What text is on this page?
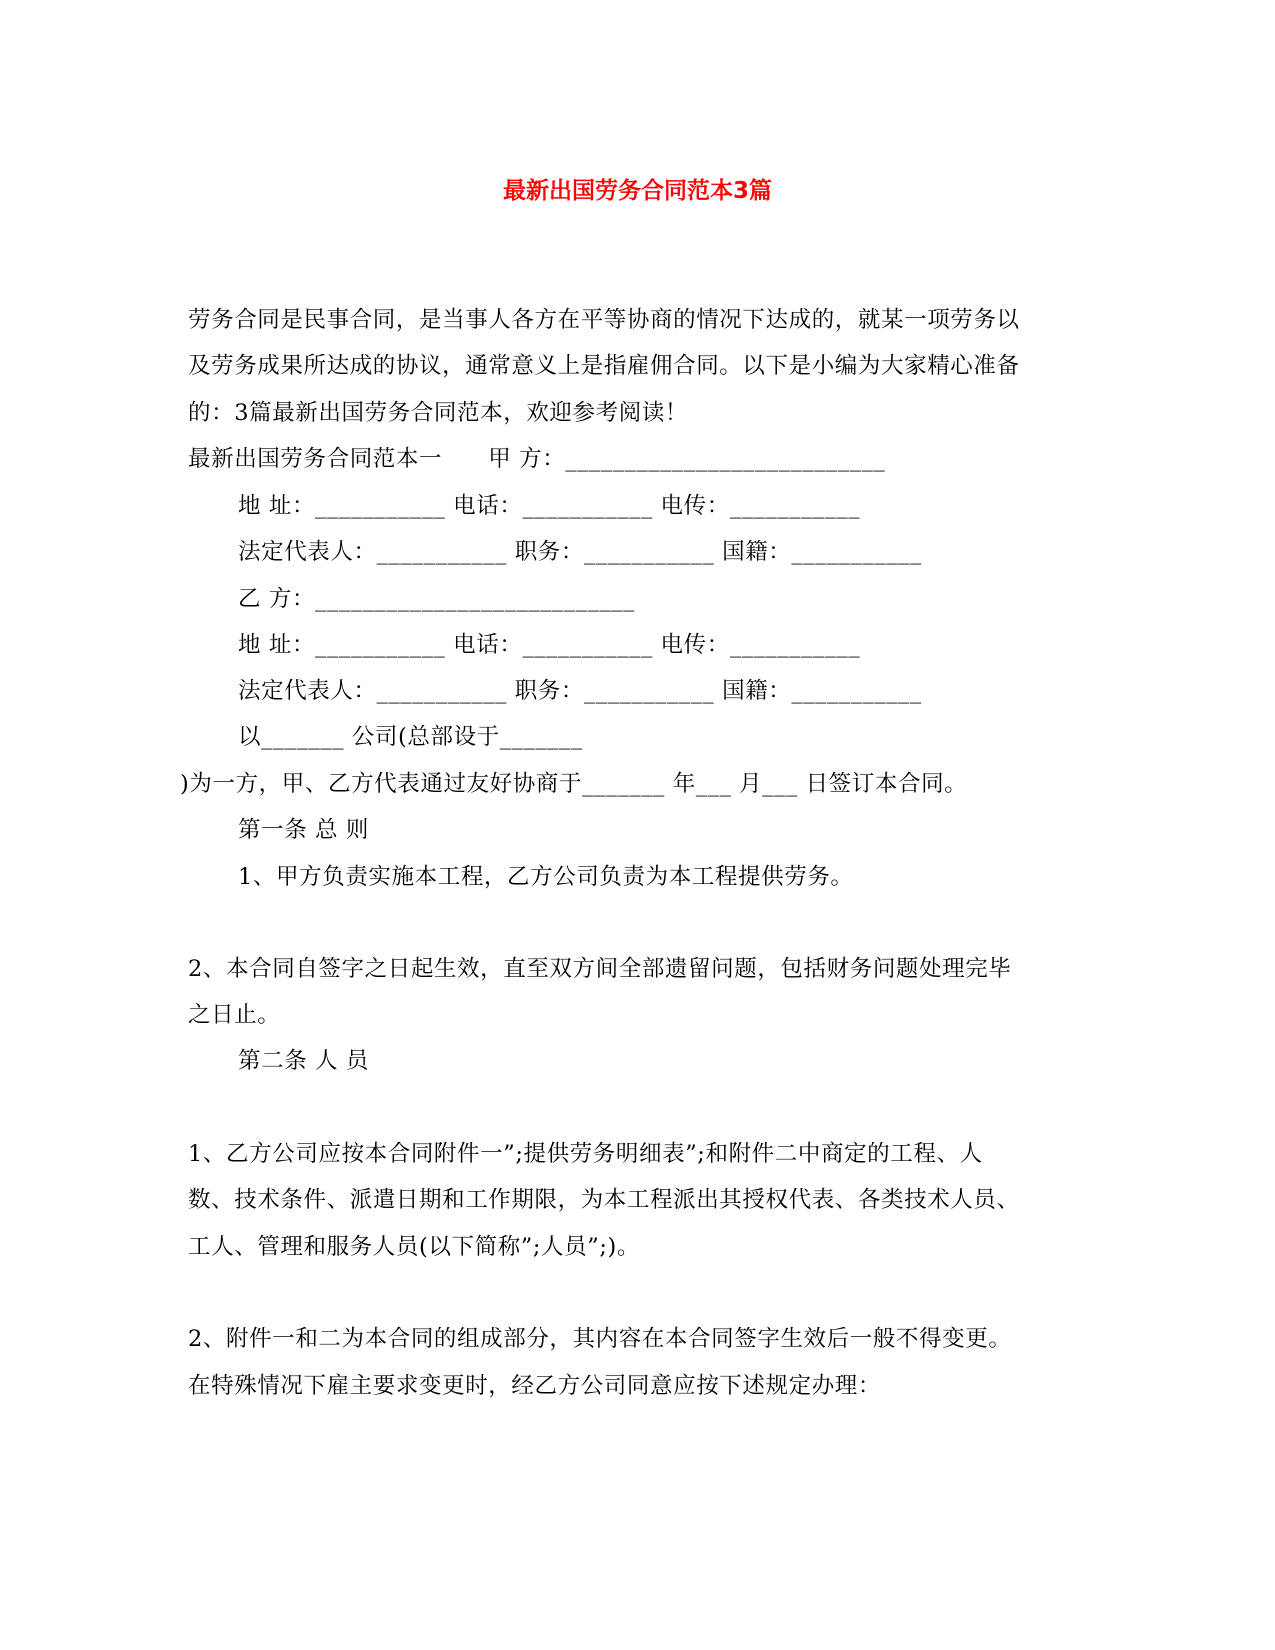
最新出国劳务合同范本3篇
劳务合同是民事合同，是当事人各方在平等协商的情况下达成的，就某一项劳务以
及劳务成果所达成的协议，通常意义上是指雇佣合同。以下是小编为大家精心准备
的：3篇最新出国劳务合同范本，欢迎参考阅读！
最新出国劳务合同范本一　　甲 方：___________________________
地 址：___________ 电话：___________ 电传：___________
法定代表人：___________ 职务：___________ 国籍：___________
乙 方：___________________________
地 址：___________ 电话：___________ 电传：___________
法定代表人：___________ 职务：___________ 国籍：___________
以_______ 公司(总部设于_______
)为一方，甲、乙方代表通过友好协商于_______ 年___ 月___ 日签订本合同。
第一条 总 则
1、甲方负责实施本工程，乙方公司负责为本工程提供劳务。
2、本合同自签字之日起生效，直至双方间全部遗留问题，包括财务问题处理完毕
之日止。
第二条 人 员
1、乙方公司应按本合同附件一”;提供劳务明细表”;和附件二中商定的工程、人
数、技术条件、派遣日期和工作期限，为本工程派出其授权代表、各类技术人员、
工人、管理和服务人员(以下简称”;人员”;)。
2、附件一和二为本合同的组成部分，其内容在本合同签字生效后一般不得变更。
在特殊情况下雇主要求变更时，经乙方公司同意应按下述规定办理：
